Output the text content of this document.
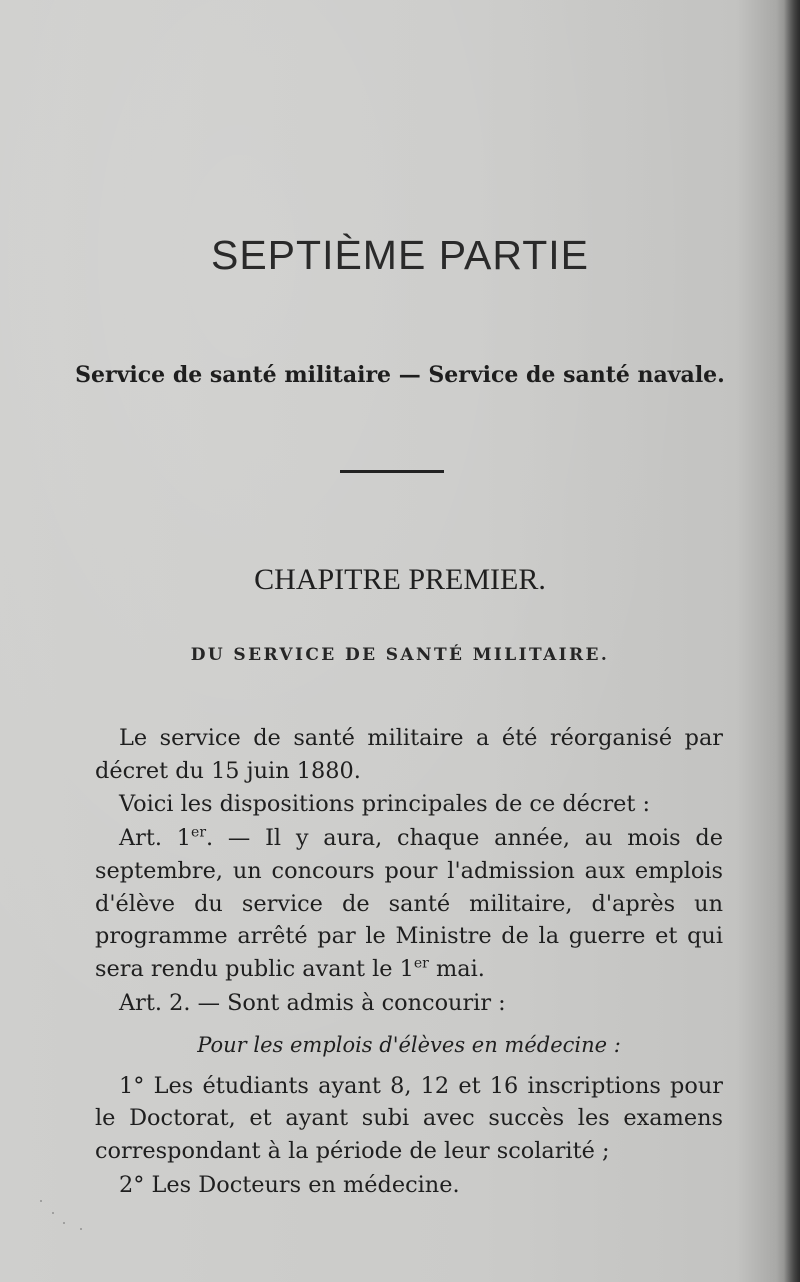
SEPTIÈME PARTIE
Service de santé militaire — Service de santé navale.
CHAPITRE PREMIER.
DU SERVICE DE SANTÉ MILITAIRE.

Le service de santé militaire a été réorganisé par décret du 15 juin 1880.

Voici les dispositions principales de ce décret :

Art. 1er. — Il y aura, chaque année, au mois de septembre, un concours pour l'admission aux emplois d'élève du service de santé militaire, d'après un programme arrêté par le Ministre de la guerre et qui sera rendu public avant le 1er mai.

Art. 2. — Sont admis à concourir :

Pour les emplois d'élèves en médecine :

1° Les étudiants ayant 8, 12 et 16 inscriptions pour le Doctorat, et ayant subi avec succès les examens correspondant à la période de leur scolarité ;

2° Les Docteurs en médecine.
